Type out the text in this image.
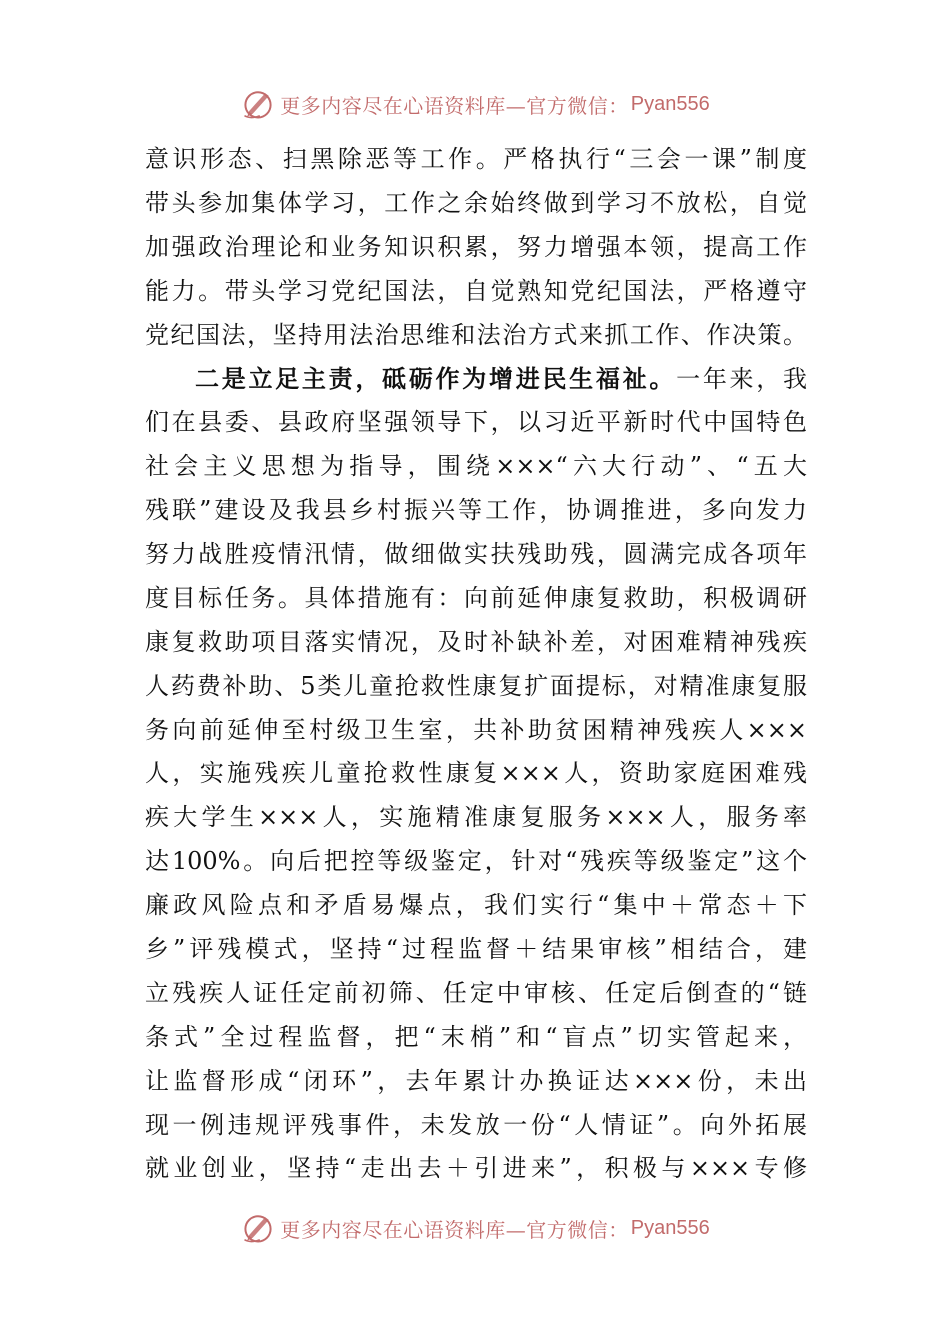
更多内容尽在心语资料库—官方微信： Pyan556
意识形态、扫黑除恶等工作。严格执行“三会一课”制度
带头参加集体学习，工作之余始终做到学习不放松，自觉
加强政治理论和业务知识积累，努力增强本领，提高工作
能力。带头学习党纪国法，自觉熟知党纪国法，严格遵守
党纪国法，坚持用法治思维和法治方式来抓工作、作决策。
二是立足主责，砥砺作为增进民生福祉。一年来，我
们在县委、县政府坚强领导下，以习近平新时代中国特色
社会主义思想为指导，围绕×××“六大行动”、“五大
残联”建设及我县乡村振兴等工作，协调推进，多向发力
努力战胜疫情汛情，做细做实扶残助残，圆满完成各项年
度目标任务。具体措施有：向前延伸康复救助，积极调研
康复救助项目落实情况，及时补缺补差，对困难精神残疾
人药费补助、5类儿童抢救性康复扩面提标，对精准康复服
务向前延伸至村级卫生室，共补助贫困精神残疾人×××
人，实施残疾儿童抢救性康复×××人，资助家庭困难残
疾大学生×××人，实施精准康复服务×××人，服务率
达100%。向后把控等级鉴定，针对“残疾等级鉴定”这个
廉政风险点和矛盾易爆点，我们实行“集中＋常态＋下
乡”评残模式，坚持“过程监督＋结果审核”相结合，建
立残疾人证任定前初筛、任定中审核、任定后倒查的“链
条式”全过程监督，把“末梢”和“盲点”切实管起来，
让监督形成“闭环”，去年累计办换证达×××份，未出
现一例违规评残事件，未发放一份“人情证”。向外拓展
就业创业，坚持“走出去＋引进来”，积极与×××专修
更多内容尽在心语资料库—官方微信： Pyan556
